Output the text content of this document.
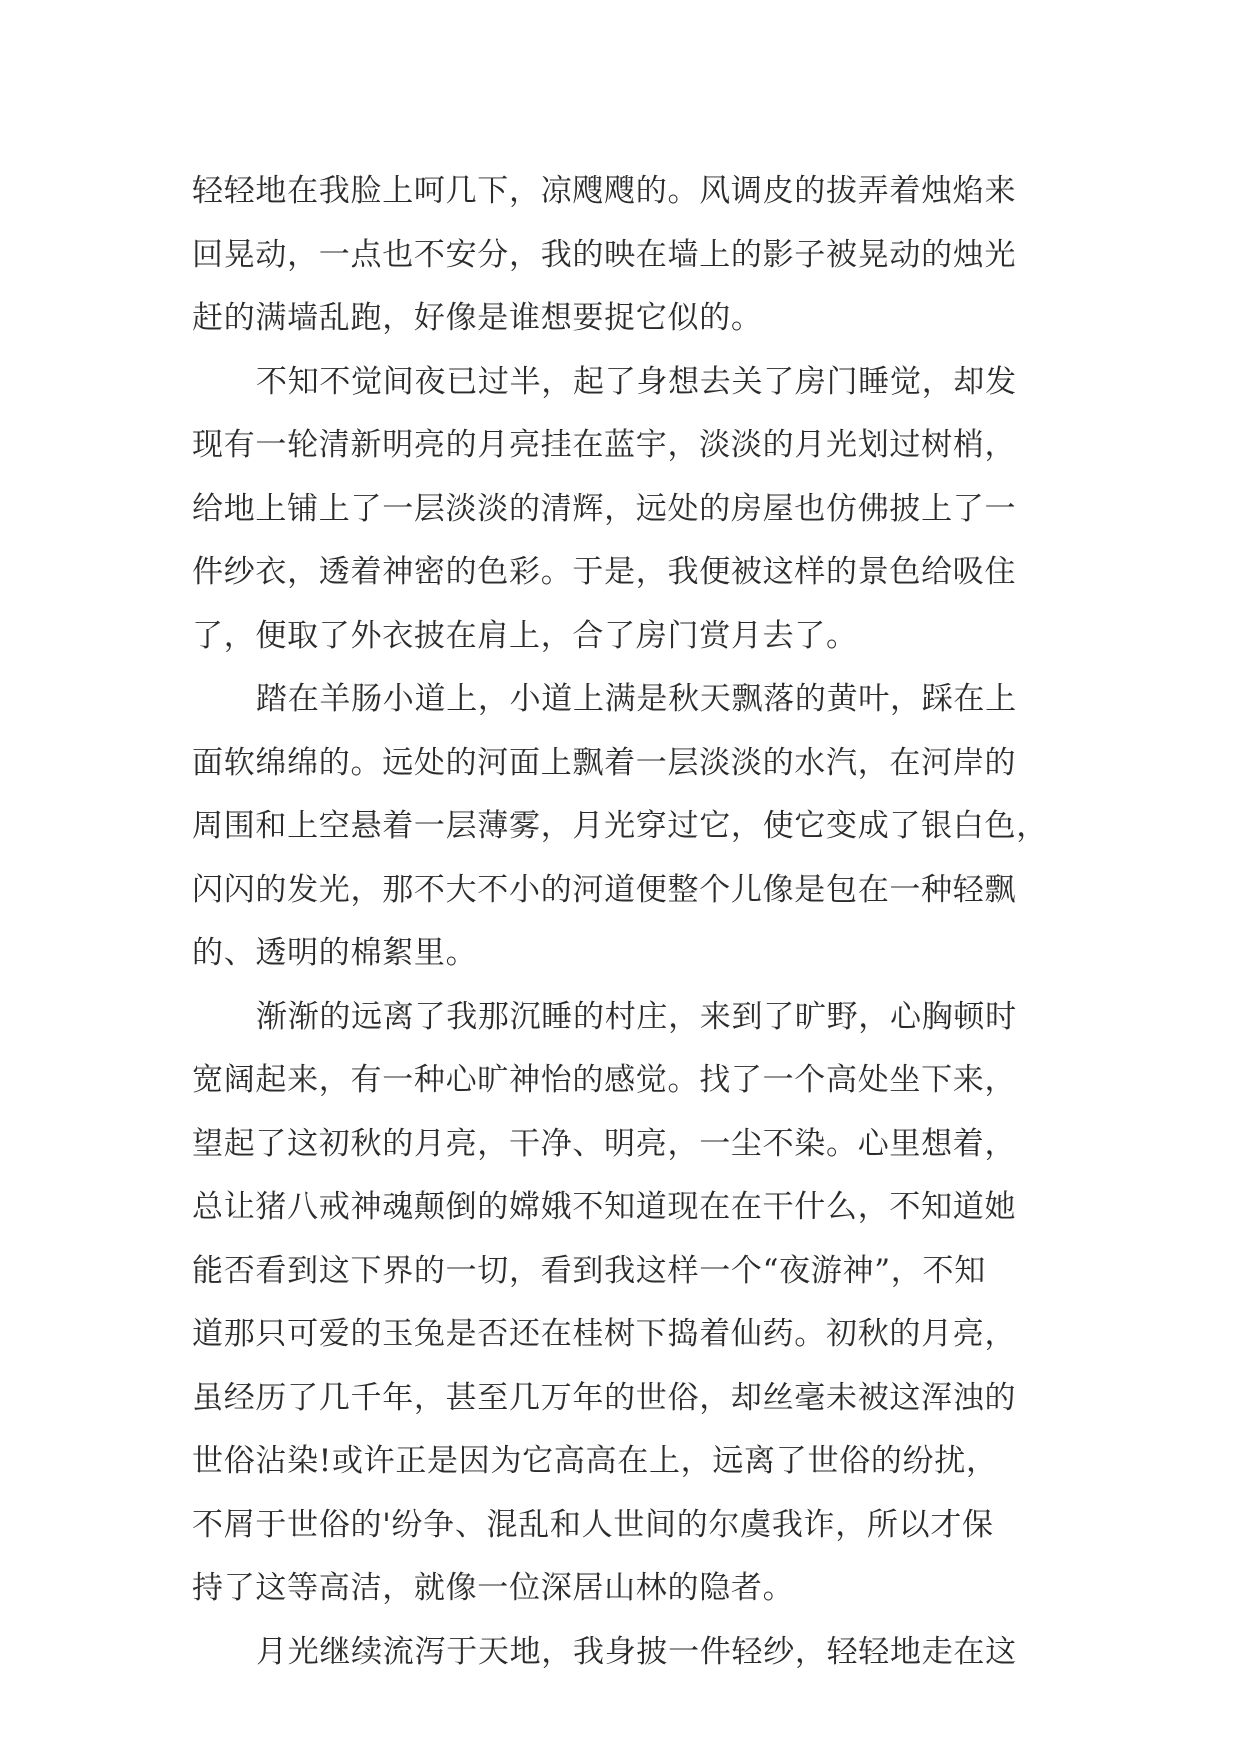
轻轻地在我脸上呵几下，凉飕飕的。风调皮的拔弄着烛焰来
回晃动，一点也不安分，我的映在墙上的影子被晃动的烛光
赶的满墙乱跑，好像是谁想要捉它似的。
不知不觉间夜已过半，起了身想去关了房门睡觉，却发
现有一轮清新明亮的月亮挂在蓝宇，淡淡的月光划过树梢，
给地上铺上了一层淡淡的清辉，远处的房屋也仿佛披上了一
件纱衣，透着神密的色彩。于是，我便被这样的景色给吸住
了，便取了外衣披在肩上，合了房门赏月去了。
踏在羊肠小道上，小道上满是秋天飘落的黄叶，踩在上
面软绵绵的。远处的河面上飘着一层淡淡的水汽，在河岸的
周围和上空悬着一层薄雾，月光穿过它，使它变成了银白色，
闪闪的发光，那不大不小的河道便整个儿像是包在一种轻飘
的、透明的棉絮里。
渐渐的远离了我那沉睡的村庄，来到了旷野，心胸顿时
宽阔起来，有一种心旷神怡的感觉。找了一个高处坐下来，
望起了这初秋的月亮，干净、明亮，一尘不染。心里想着，
总让猪八戒神魂颠倒的嫦娥不知道现在在干什么，不知道她
能否看到这下界的一切，看到我这样一个“夜游神”，不知
道那只可爱的玉兔是否还在桂树下捣着仙药。初秋的月亮，
虽经历了几千年，甚至几万年的世俗，却丝毫未被这浑浊的
世俗沾染!或许正是因为它高高在上，远离了世俗的纷扰，
不屑于世俗的'纷争、混乱和人世间的尔虞我诈，所以才保
持了这等高洁，就像一位深居山林的隐者。
月光继续流泻于天地，我身披一件轻纱，轻轻地走在这
